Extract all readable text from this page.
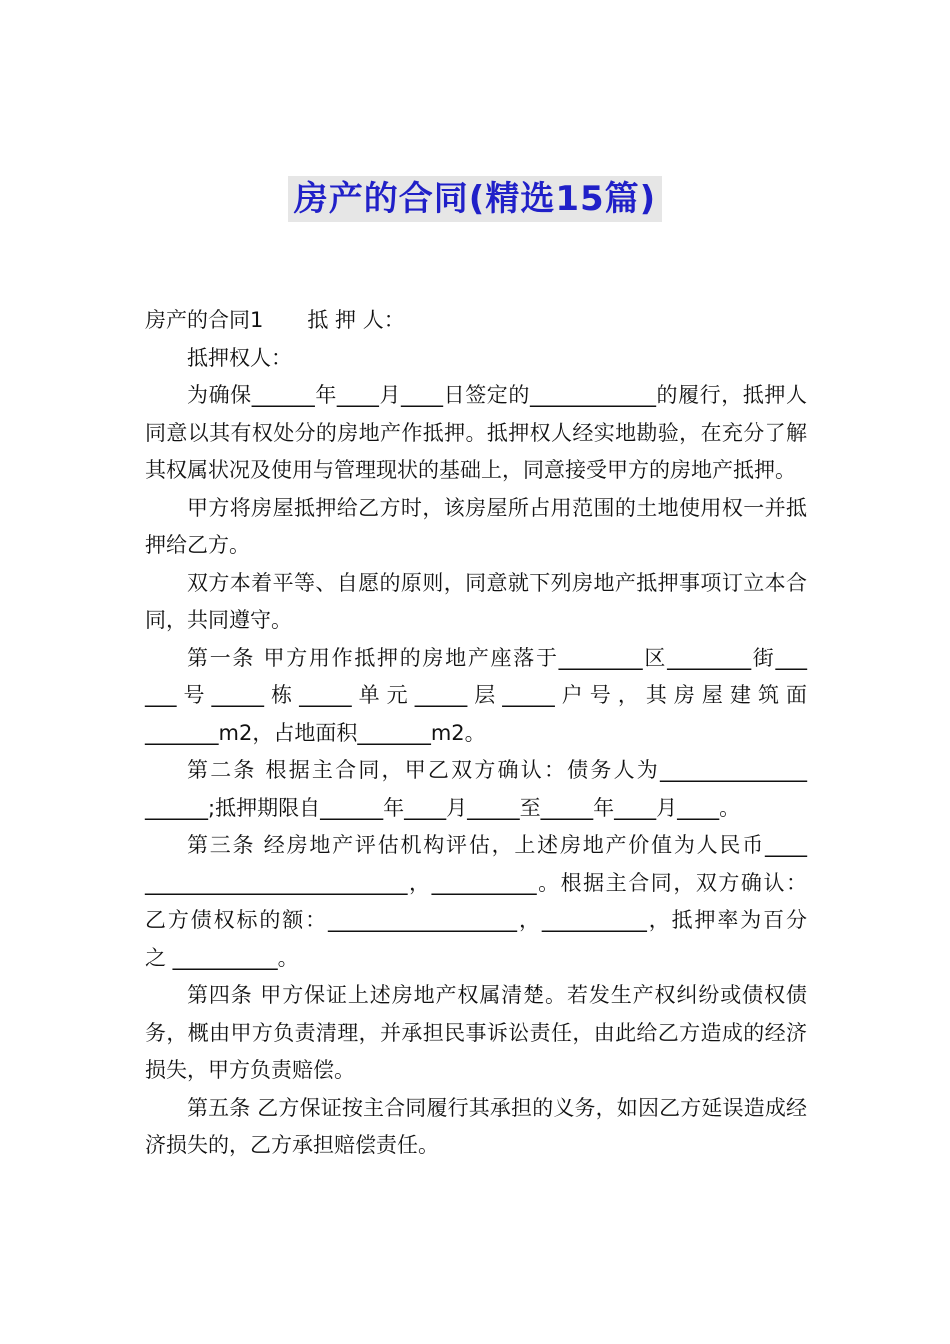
房产的合同(精选15篇)

房产的合同1 抵 押 人：

抵押权人：

为确保______年____月____日签定的____________的履行，抵押人同意以其有权处分的房地产作抵押。抵押权人经实地勘验，在充分了解其权属状况及使用与管理现状的基础上，同意接受甲方的房地产抵押。

甲方将房屋抵押给乙方时，该房屋所占用范围的土地使用权一并抵押给乙方。

双方本着平等、自愿的原则，同意就下列房地产抵押事项订立本合同，共同遵守。

第一条 甲方用作抵押的房地产座落于________区________街___

___号_____栋_____单元_____层_____户号，其房屋建筑面

_______m2，占地面积_______m2。

第二条 根据主合同，甲乙双方确认：债务人为______________

______;抵押期限自______年____月_____至_____年____月____。

第三条 经房地产评估机构评估，上述房地产价值为人民币____

_________________________，__________。根据主合同，双方确认：

乙方债权标的额：__________________，__________，抵押率为百分

之 __________。

第四条 甲方保证上述房地产权属清楚。若发生产权纠纷或债权债务，概由甲方负责清理，并承担民事诉讼责任，由此给乙方造成的经济损失，甲方负责赔偿。

第五条 乙方保证按主合同履行其承担的义务，如因乙方延误造成经济损失的，乙方承担赔偿责任。
